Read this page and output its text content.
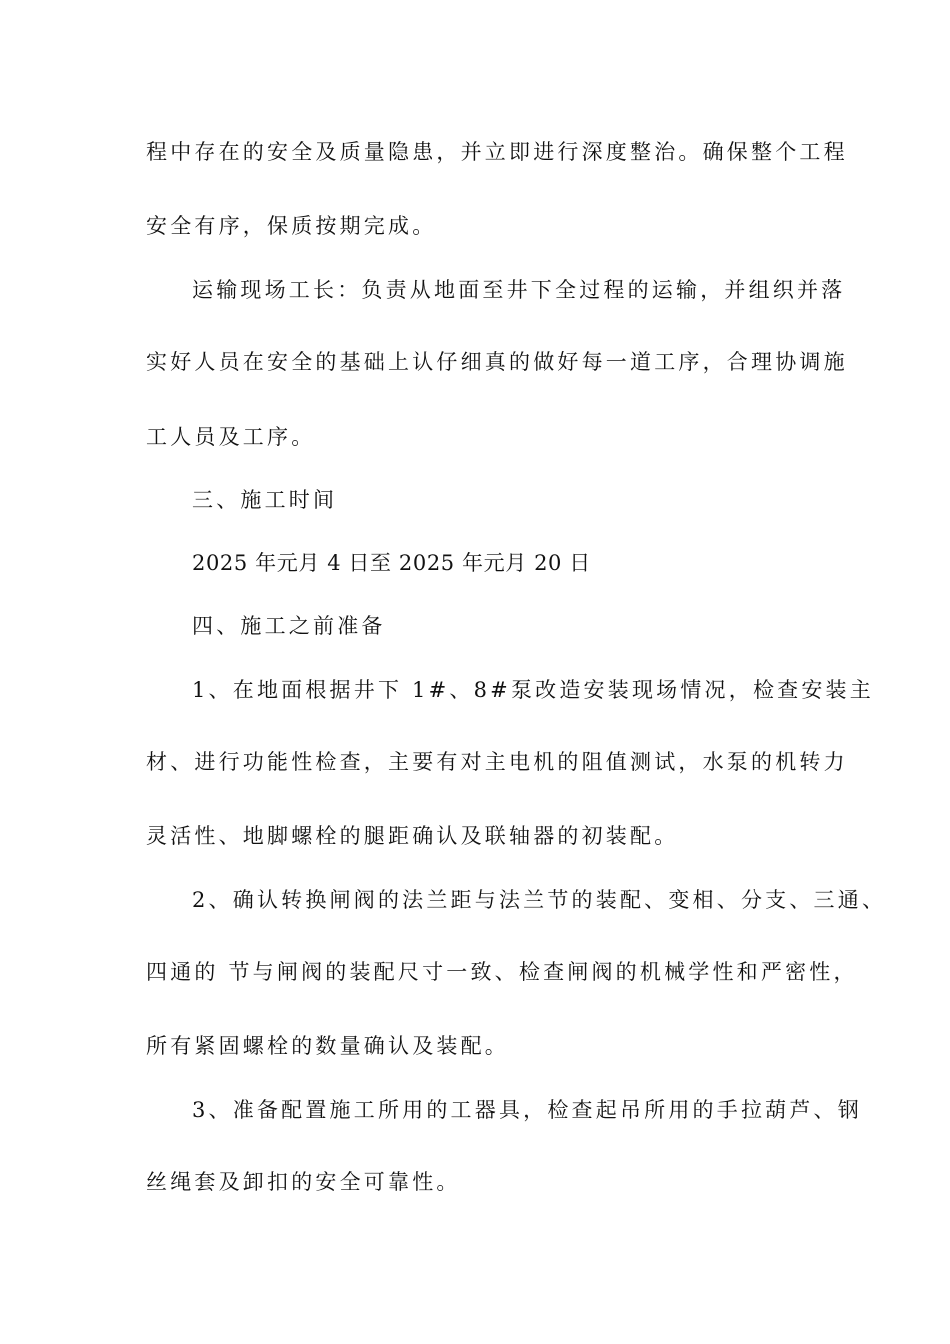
程中存在的安全及质量隐患，并立即进行深度整治。确保整个工程
安全有序，保质按期完成。
运输现场工长：负责从地面至井下全过程的运输，并组织并落
实好人员在安全的基础上认仔细真的做好每一道工序，合理协调施
工人员及工序。
三、施工时间
2025 年元月 4 日至 2025 年元月 20 日
四、施工之前准备
1、在地面根据井下 1#、8#泵改造安装现场情况，检查安装主
材、进行功能性检查，主要有对主电机的阻值测试，水泵的机转力
灵活性、地脚螺栓的腿距确认及联轴器的初装配。
2、确认转换闸阀的法兰距与法兰节的装配、变相、分支、三通、
四通的 节与闸阀的装配尺寸一致、检查闸阀的机械学性和严密性，
所有紧固螺栓的数量确认及装配。
3、准备配置施工所用的工器具，检查起吊所用的手拉葫芦、钢
丝绳套及卸扣的安全可靠性。
